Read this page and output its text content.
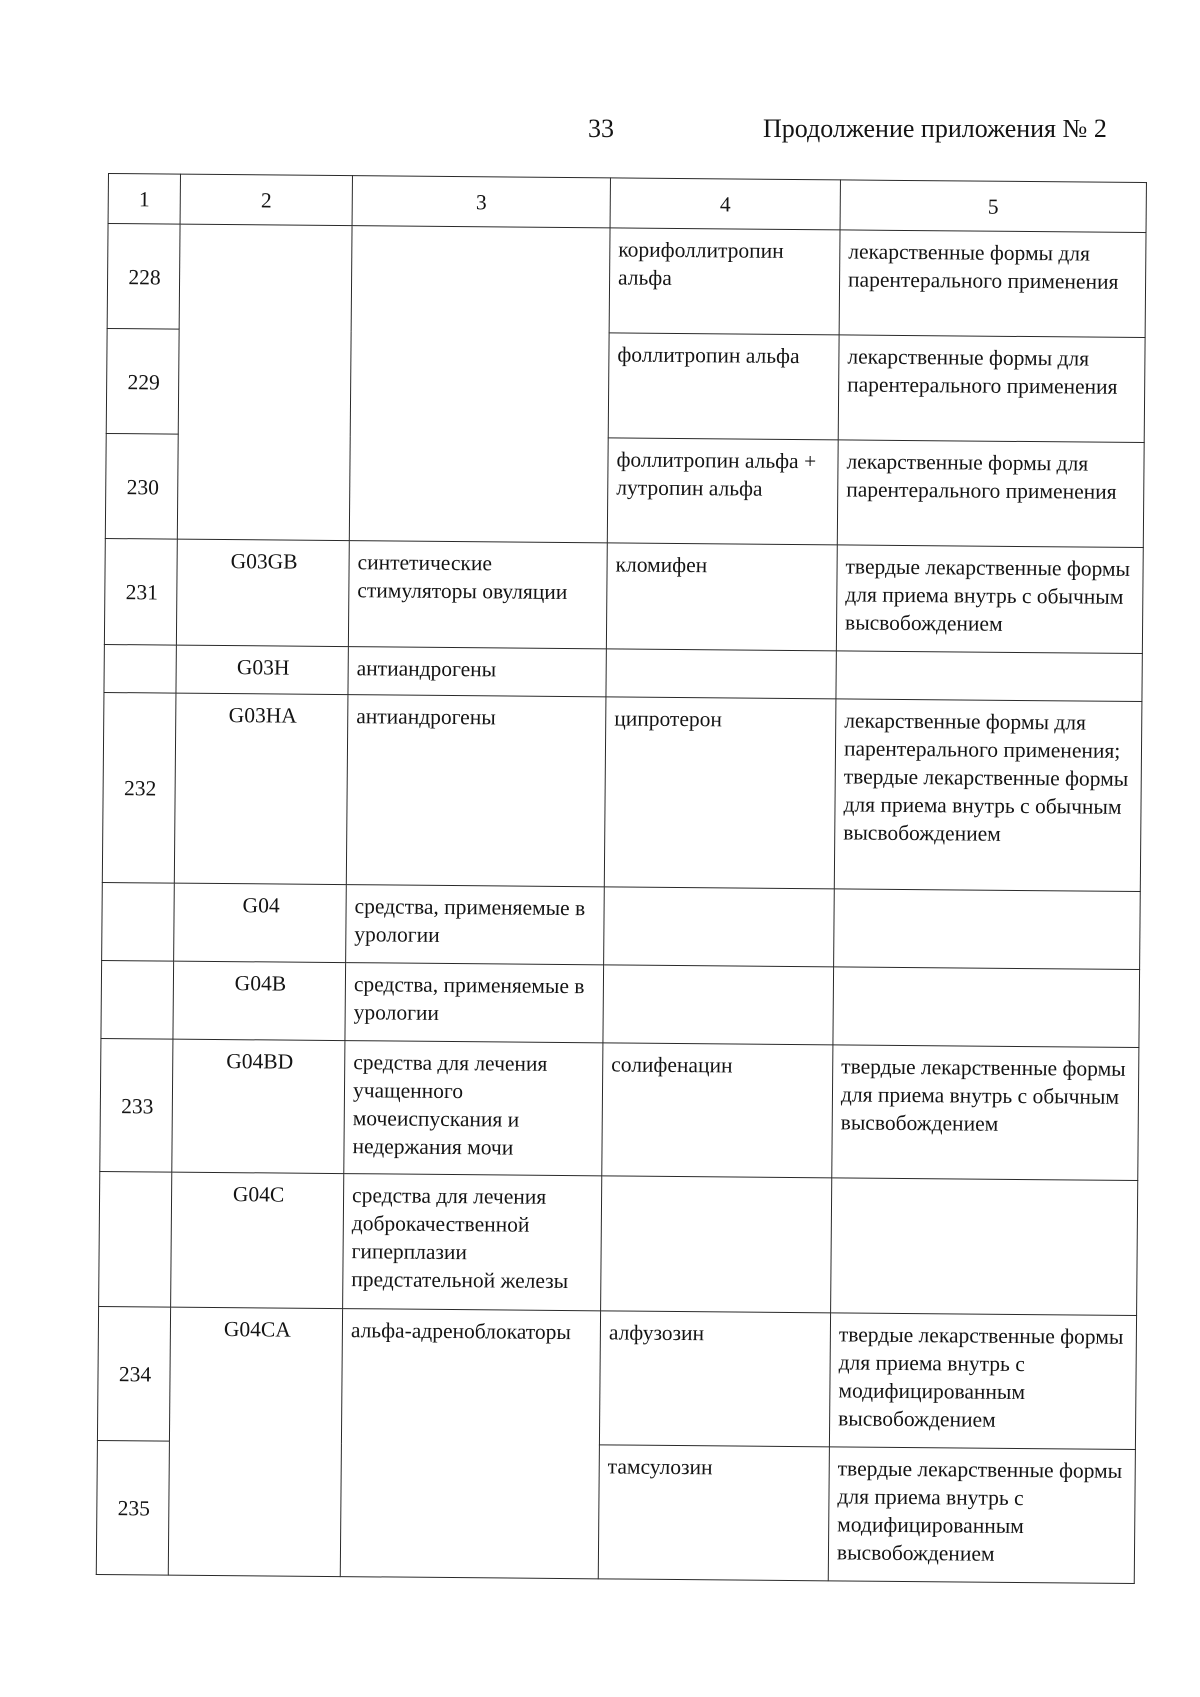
33	Продолжение приложения № 2
1	2	3	4	5
228			корифоллитропин альфа	лекарственные формы для парентерального применения

229			фоллитропин альфа	лекарственные формы для парентерального применения

230			фоллитропин альфа + лутропин альфа	лекарственные формы для парентерального применения

231	G03GB	синтетические стимуляторы овуляции	кломифен	твердые лекарственные формы для приема внутрь с обычным высвобождением

	G03H	антиандрогены		
232	G03HA	антиандрогены	ципротерон	лекарственные формы для парентерального применения;
твердые лекарственные формы для приема внутрь с обычным высвобождением

	G04	средства, применяемые в урологии		
	G04B	средства, применяемые в урологии		
233	G04BD	средства для лечения учащенного мочеиспускания и недержания мочи	солифенацин	твердые лекарственные формы для приема внутрь с обычным высвобождением

	G04C	средства для лечения доброкачественной гиперплазии предстательной железы		
234	G04CA	альфа-адреноблокаторы	алфузозин	твердые лекарственные формы для приема внутрь с модифицированным высвобождением

235			тамсулозин	твердые лекарственные формы для приема внутрь с модифицированным высвобождением
